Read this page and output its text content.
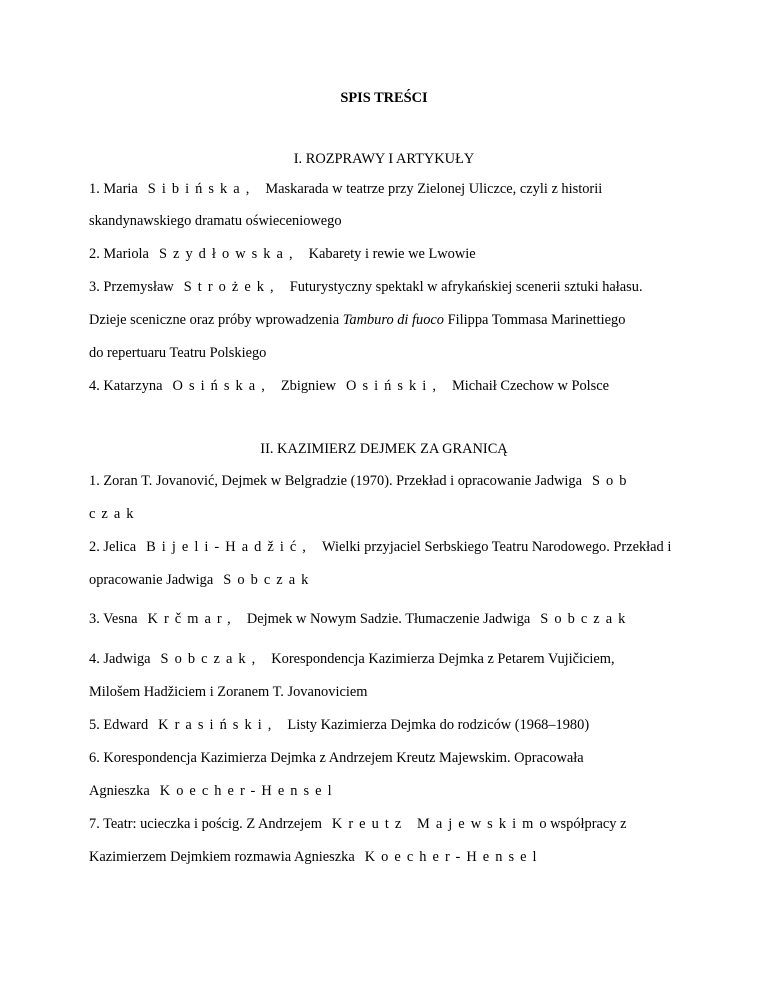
SPIS TREŚCI
I. ROZPRAWY I ARTYKUŁY
1. Maria Sibińska, Maskarada w teatrze przy Zielonej Uliczce, czyli z historii
skandynawskiego dramatu oświeceniowego
2. Mariola Szydłowska, Kabarety i rewie we Lwowie
3. Przemysław Strożek, Futurystyczny spektakl w afrykańskiej scenerii sztuki hałasu.
Dzieje sceniczne oraz próby wprowadzenia Tamburo di fuoco Filippa Tommasa Marinettiego
do repertuaru Teatru Polskiego
4. Katarzyna Osińska, Zbigniew Osiński, Michaił Czechow w Polsce
II. KAZIMIERZ DEJMEK ZA GRANICĄ
1. Zoran T. Jovanović, Dejmek w Belgradzie (1970). Przekład i opracowanie Jadwiga Sob
czak
2. Jelica Bijeli-Hadžić, Wielki przyjaciel Serbskiego Teatru Narodowego. Przekład i
opracowanie Jadwiga Sobczak
3. Vesna Krčmar, Dejmek w Nowym Sadzie. Tłumaczenie Jadwiga Sobczak
4. Jadwiga Sobczak, Korespondencja Kazimierza Dejmka z Petarem Vujičiciem,
Milošem Hadžiciem i Zoranem T. Jovanoviciem
5. Edward Krasiński, Listy Kazimierza Dejmka do rodziców (1968–1980)
6. Korespondencja Kazimierza Dejmka z Andrzejem Kreutz Majewskim. Opracowała
Agnieszka Koecher-Hensel
7. Teatr: ucieczka i pościg. Z Andrzejem Kreutz Majewskimo współpracy z
Kazimierzem Dejmkiem rozmawia Agnieszka Koecher-Hensel
